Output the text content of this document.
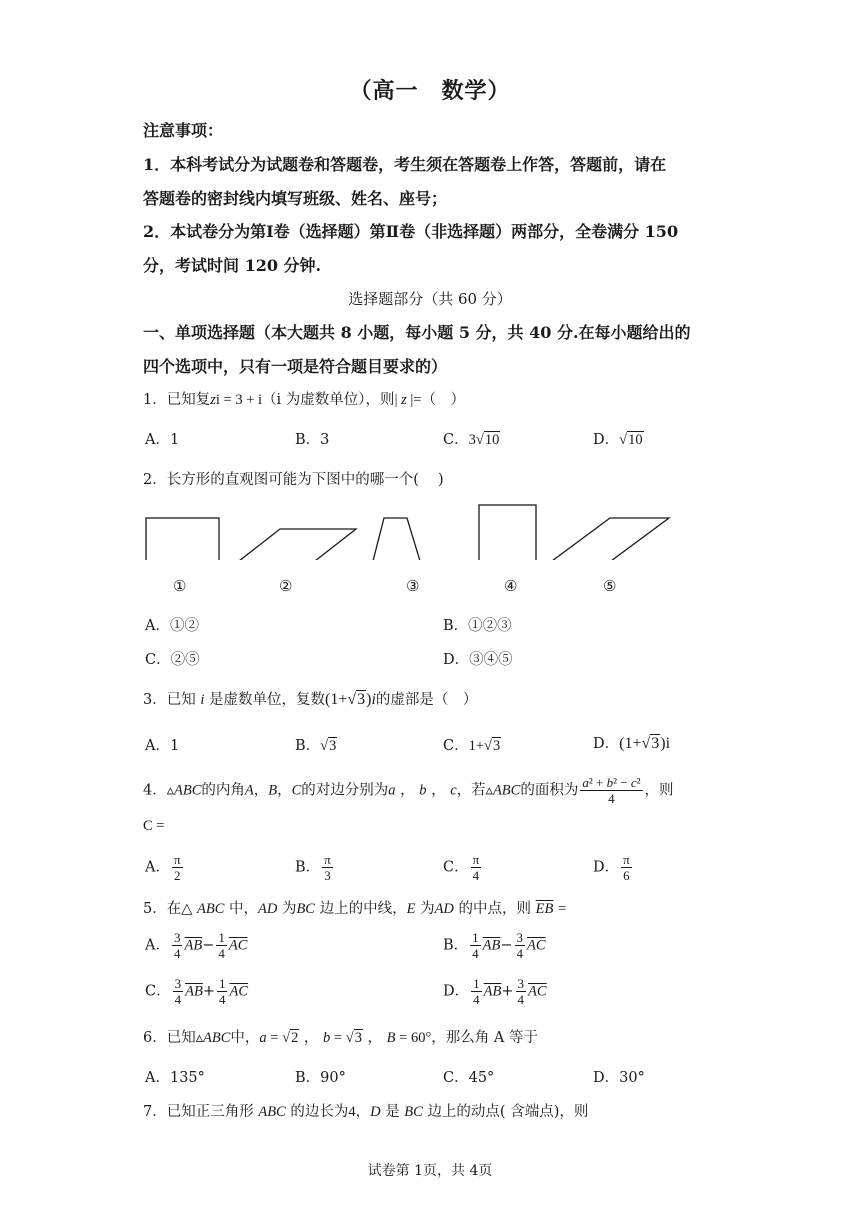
（高一　数学）
注意事项：
1．本科考试分为试题卷和答题卷，考生须在答题卷上作答，答题前，请在
答题卷的密封线内填写班级、姓名、座号；
2．本试卷分为第Ⅰ卷（选择题）第Ⅱ卷（非选择题）两部分，全卷满分 150
分，考试时间 120 分钟.
选择题部分（共 60 分）
一、单项选择题（本大题共 8 小题，每小题 5 分，共 40 分.在每小题给出的
四个选项中，只有一项是符合题目要求的）
1．已知复zi = 3 + i（i 为虚数单位），则| z |=（　）
A．1	B．3	C．3√10	D．√10
2．长方形的直观图可能为下图中的哪一个(　 )
①	②	③	④	⑤
A．①②	B．①②③
C．②⑤	D．③④⑤
3．已知 i 是虚数单位，复数(1+√3)i的虚部是（　）
A．1	B．√3	C．1+√3	D．(1+√3)i
4．▵ABC的内角A，B，C的对边分别为a ， b ， c，若▵ABC的面积为 $\frac{\text{a² + b² − c²}}{4}$ ，则
C =
A． $\frac{\pi}{2}$	B． $\frac{\pi}{3}$	C． $\frac{\pi}{4}$	D． $\frac{\pi}{6}$
5．在△ ABC 中，AD 为BC 边上的中线，E 为AD 的中点，则 $\overline{EB}$ =
A． $\frac{3}{4} \overline{AB}- \frac{1}{4} \overline{AC}$	B． $\frac{1}{4} \overline{AB}- \frac{3}{4} \overline{AC}$
C． $\frac{3}{4} \overline{AB}+ \frac{1}{4} \overline{AC}$	D． $\frac{1}{4} \overline{AB}+ \frac{3}{4} \overline{AC}$
6．已知▵ABC中，a = √2 ， b = √3 ， B = 60°，那么角 A 等于
A．135°	B．90°	C．45°	D．30°
7．已知正三角形 ABC 的边长为4，D 是 BC 边上的动点( 含端点)，则
试卷第 1页，共 4页
